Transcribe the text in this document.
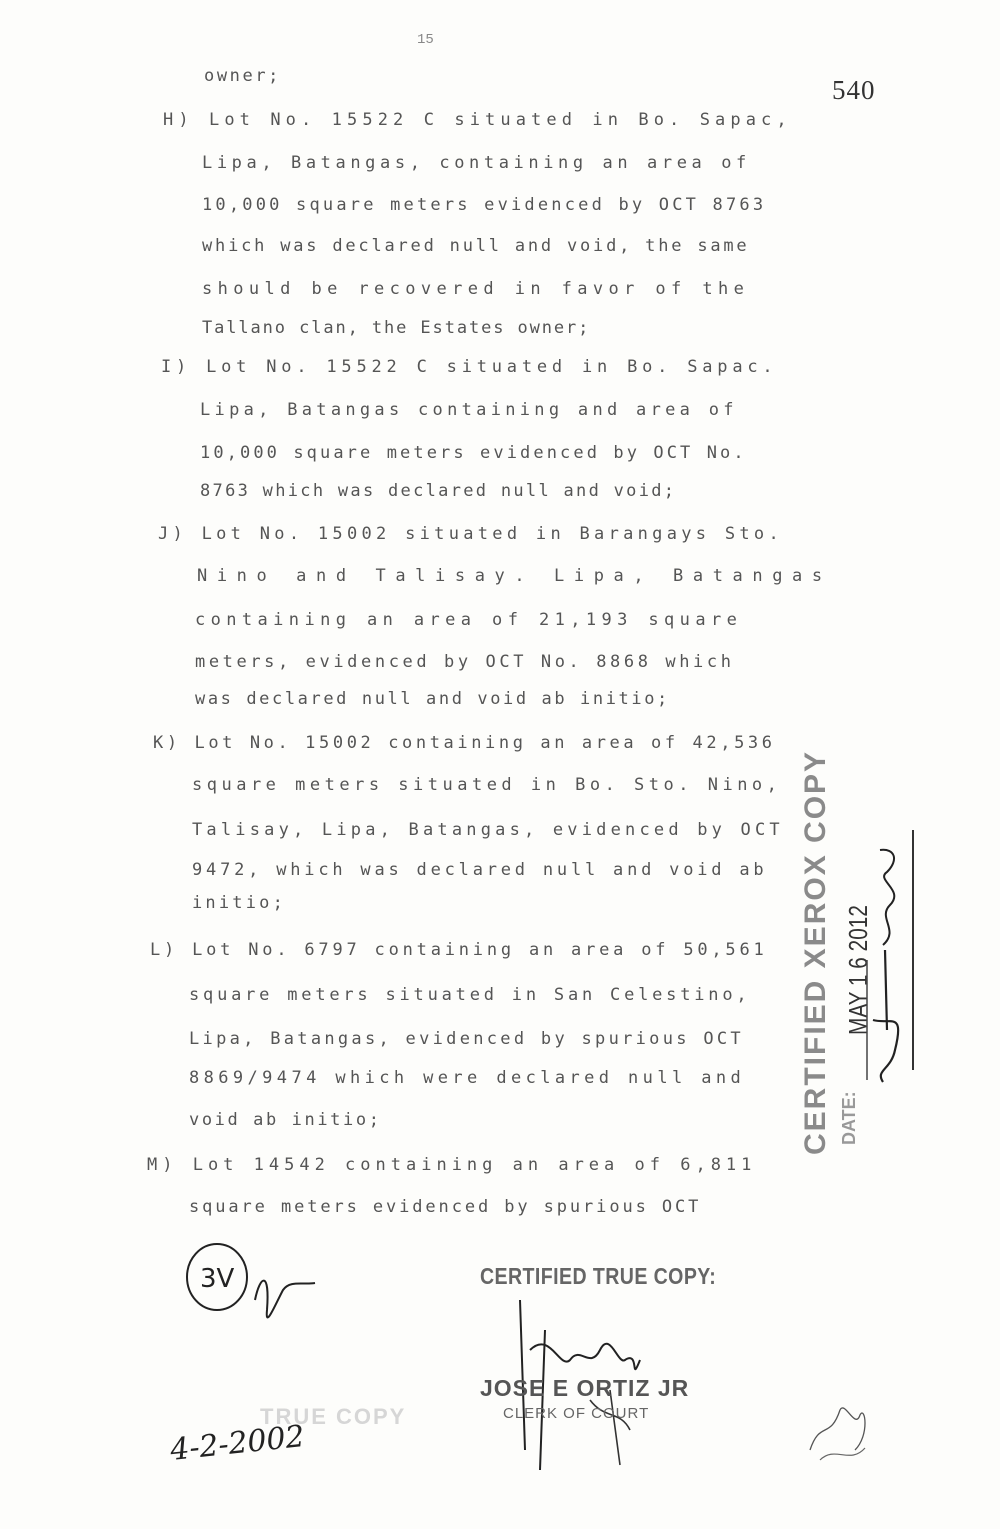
15
540
owner;
H) Lot No. 15522 C situated in Bo. Sapac,
Lipa, Batangas, containing an area of
10,000 square meters evidenced by OCT 8763
which was declared null and void, the same
should be recovered in favor of the
Tallano clan, the Estates owner;
I) Lot No. 15522 C situated in Bo. Sapac.
Lipa, Batangas containing and area of
10,000 square meters evidenced by OCT No.
8763 which was declared null and void;
J) Lot No. 15002 situated in Barangays Sto.
Nino and Talisay. Lipa, Batangas
containing an area of 21,193 square
meters, evidenced by OCT No. 8868 which
was declared null and void ab initio;
K) Lot No. 15002 containing an area of 42,536
square meters situated in Bo. Sto. Nino,
Talisay, Lipa, Batangas, evidenced by OCT
9472, which was declared null and void ab
initio;
L) Lot No. 6797 containing an area of 50,561
square meters situated in San Celestino,
Lipa, Batangas, evidenced by spurious OCT
8869/9474 which were declared null and
void ab initio;
M) Lot 14542 containing an area of 6,811
square meters evidenced by spurious OCT
CERTIFIED XEROX COPY DATE:
MAY 1 6 2012
CERTIFIED TRUE COPY:
JOSE E ORTIZ JR
CLERK OF COURT
3V
TRUE COPY
4-2-2002
